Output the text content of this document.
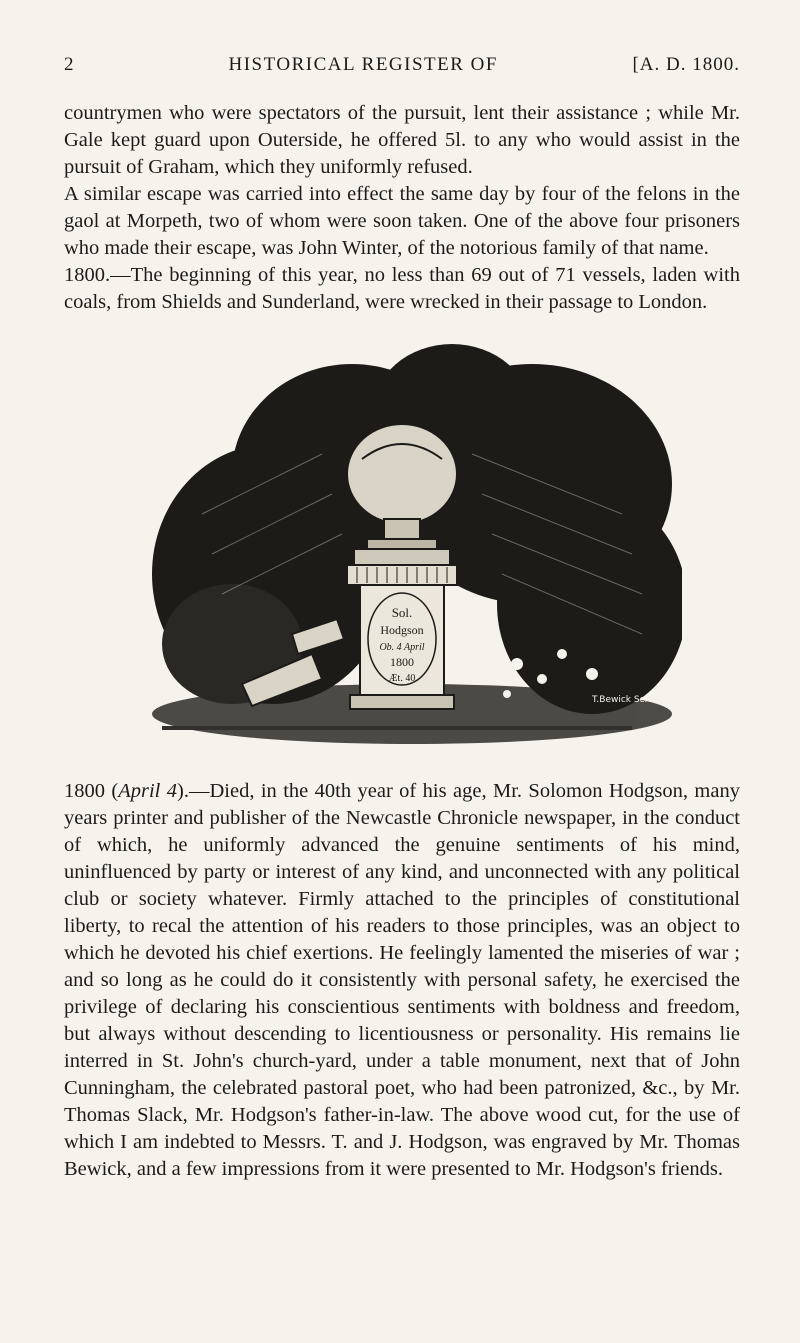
2	HISTORICAL REGISTER OF	[A. D. 1800.

countrymen who were spectators of the pursuit, lent their assistance ; while Mr. Gale kept guard upon Outerside, he offered 5l. to any who would assist in the pursuit of Graham, which they uniformly refused.

A similar escape was carried into effect the same day by four of the felons in the gaol at Morpeth, two of whom were soon taken. One of the above four prisoners who made their escape, was John Winter, of the notorious family of that name.

1800.—The beginning of this year, no less than 69 out of 71 vessels, laden with coals, from Shields and Sunderland, were wrecked in their passage to London.

Sol.
Hodgson
Ob. 4 April
1800
Æt. 40
T.Bewick Sc.

1800 (April 4).—Died, in the 40th year of his age, Mr. Solomon Hodgson, many years printer and publisher of the Newcastle Chronicle newspaper, in the conduct of which, he uniformly advanced the genuine sentiments of his mind, uninfluenced by party or interest of any kind, and unconnected with any political club or society whatever. Firmly attached to the principles of constitutional liberty, to recal the attention of his readers to those principles, was an object to which he devoted his chief exertions. He feelingly lamented the miseries of war ; and so long as he could do it consistently with personal safety, he exercised the privilege of declaring his conscientious sentiments with boldness and freedom, but always without descending to licentiousness or personality. His remains lie interred in St. John's church-yard, under a table monument, next that of John Cunningham, the celebrated pastoral poet, who had been patronized, &c., by Mr. Thomas Slack, Mr. Hodgson's father-in-law. The above wood cut, for the use of which I am indebted to Messrs. T. and J. Hodgson, was engraved by Mr. Thomas Bewick, and a few impressions from it were presented to Mr. Hodgson's friends.
